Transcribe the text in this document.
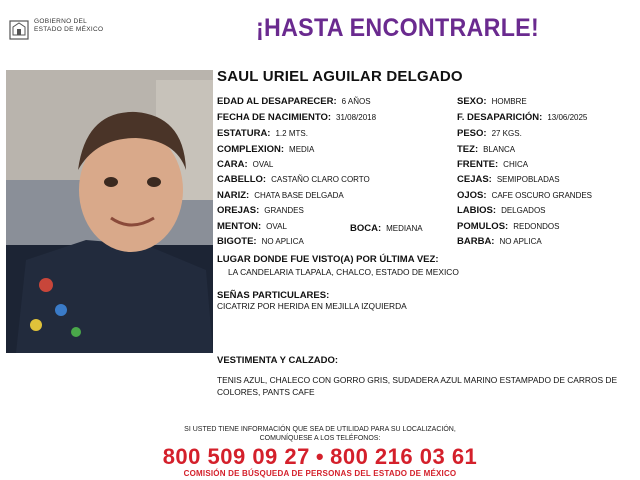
GOBIERNO DEL
ESTADO DE MÉXICO	¡HASTA ENCONTRARLE!
SAUL URIEL AGUILAR DELGADO
EDAD AL DESAPARECER: 6 AÑOS
FECHA DE NACIMIENTO: 31/08/2018
ESTATURA: 1.2 MTS.
COMPLEXION: MEDIA
CARA: OVAL
CABELLO: CASTAÑO CLARO CORTO
NARIZ: CHATA BASE DELGADA
OREJAS: GRANDES
MENTON: OVAL
BIGOTE: NO APLICA
BOCA: MEDIANA
SEXO: HOMBRE
F. DESAPARICIÓN: 13/06/2025
PESO: 27 KGS.
TEZ: BLANCA
FRENTE: CHICA
CEJAS: SEMIPOBLADAS
OJOS: CAFE OSCURO GRANDES
LABIOS: DELGADOS
POMULOS: REDONDOS
BARBA: NO APLICA
LUGAR DONDE FUE VISTO(A) POR ÚLTIMA VEZ:
LA CANDELARIA TLAPALA, CHALCO, ESTADO DE MEXICO
SEÑAS PARTICULARES:
CICATRIZ POR HERIDA EN MEJILLA IZQUIERDA
VESTIMENTA Y CALZADO:
TENIS AZUL, CHALECO CON GORRO GRIS, SUDADERA AZUL MARINO ESTAMPADO DE CARROS DE COLORES, PANTS CAFE
SI USTED TIENE INFORMACIÓN QUE SEA DE UTILIDAD PARA SU LOCALIZACIÓN,
COMUNÍQUESE A LOS TELÉFONOS:
800 509 09 27 • 800 216 03 61
COMISIÓN DE BÚSQUEDA DE PERSONAS DEL ESTADO DE MÉXICO
